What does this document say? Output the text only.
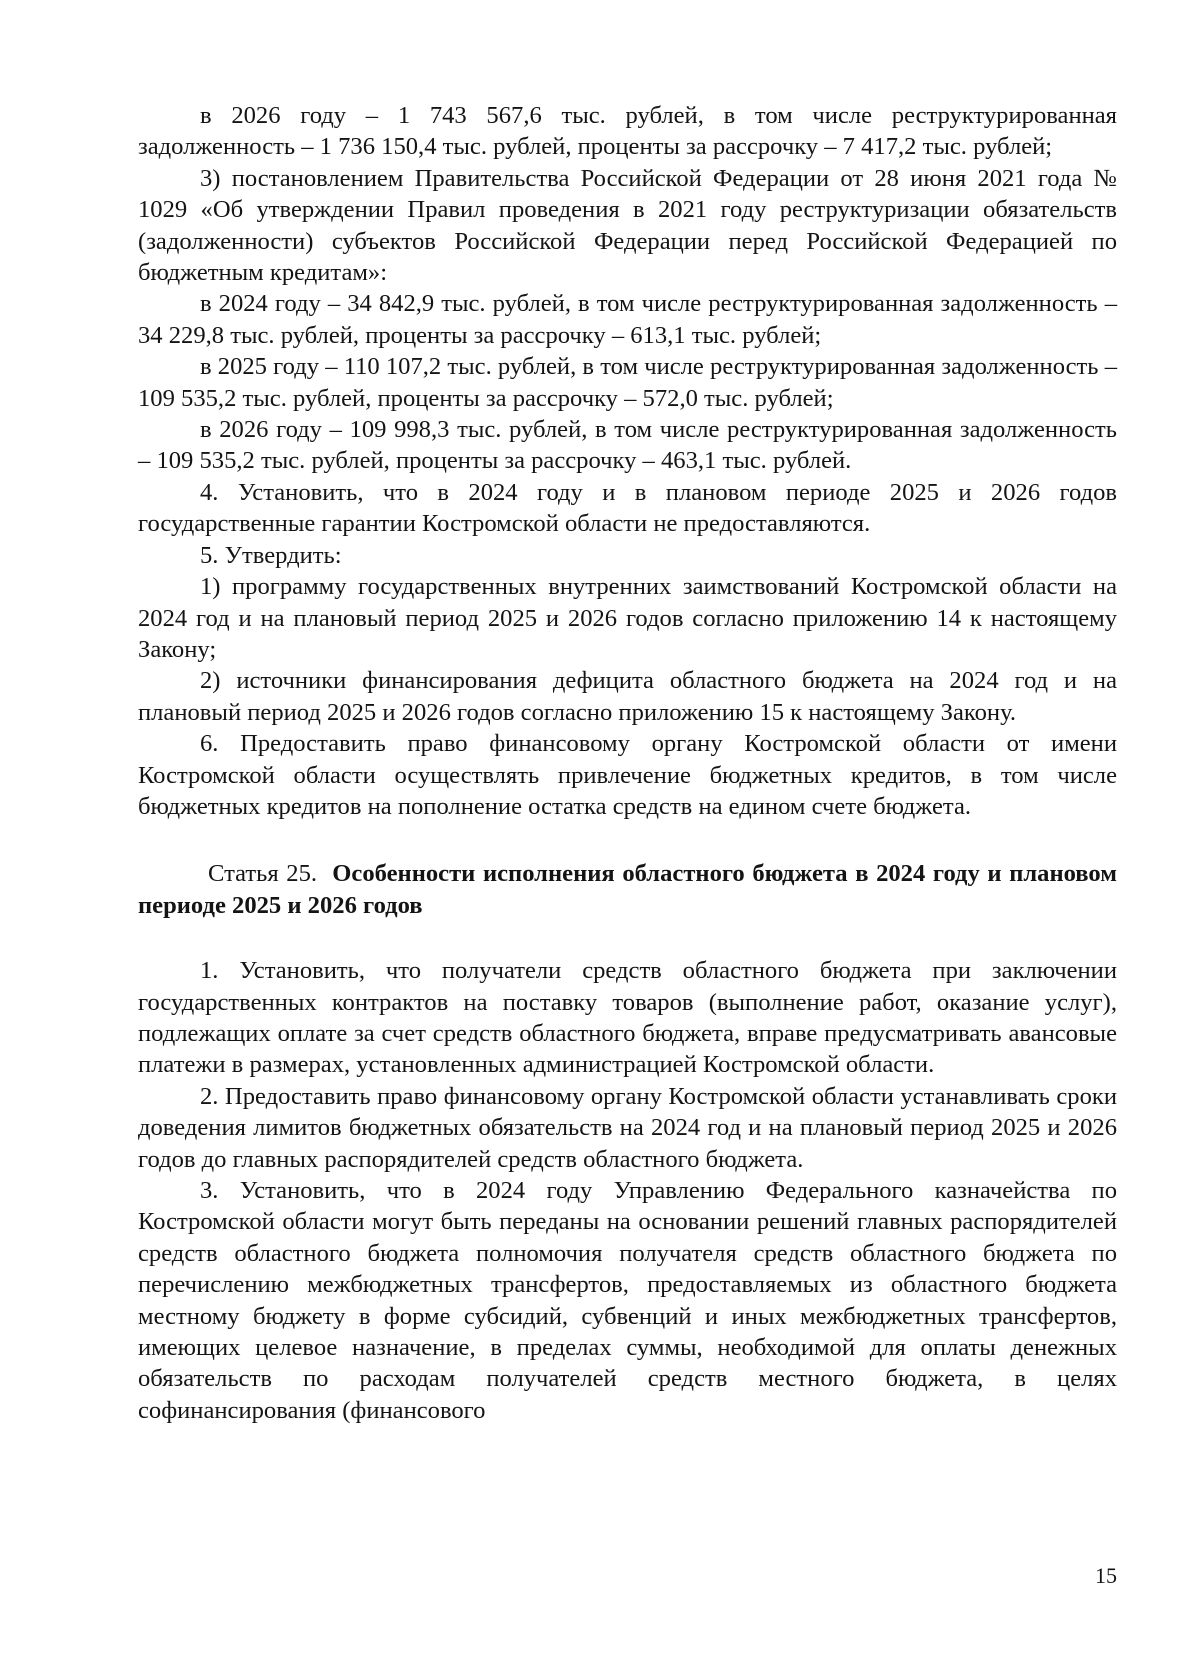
в 2026 году – 1 743 567,6 тыс. рублей, в том числе реструктурированная задолженность – 1 736 150,4 тыс. рублей, проценты за рассрочку – 7 417,2 тыс. рублей;

3) постановлением Правительства Российской Федерации от 28 июня 2021 года № 1029 «Об утверждении Правил проведения в 2021 году реструктуризации обязательств (задолженности) субъектов Российской Федерации перед Российской Федерацией по бюджетным кредитам»:

в 2024 году – 34 842,9 тыс. рублей, в том числе реструктурированная задолженность – 34 229,8 тыс. рублей, проценты за рассрочку – 613,1 тыс. рублей;

в 2025 году – 110 107,2 тыс. рублей, в том числе реструктурированная задолженность – 109 535,2 тыс. рублей, проценты за рассрочку – 572,0 тыс. рублей;

в 2026 году – 109 998,3 тыс. рублей, в том числе реструктурированная задолженность – 109 535,2 тыс. рублей, проценты за рассрочку – 463,1 тыс. рублей.

4. Установить, что в 2024 году и в плановом периоде 2025 и 2026 годов государственные гарантии Костромской области не предоставляются.

5. Утвердить:

1) программу государственных внутренних заимствований Костромской области на 2024 год и на плановый период 2025 и 2026 годов согласно приложению 14 к настоящему Закону;

2) источники финансирования дефицита областного бюджета на 2024 год и на плановый период 2025 и 2026 годов согласно приложению 15 к настоящему Закону.

6. Предоставить право финансовому органу Костромской области от имени Костромской области осуществлять привлечение бюджетных кредитов, в том числе бюджетных кредитов на пополнение остатка средств на едином счете бюджета.

Статья 25. Особенности исполнения областного бюджета в 2024 году и плановом периоде 2025 и 2026 годов

1. Установить, что получатели средств областного бюджета при заключении государственных контрактов на поставку товаров (выполнение работ, оказание услуг), подлежащих оплате за счет средств областного бюджета, вправе предусматривать авансовые платежи в размерах, установленных администрацией Костромской области.

2. Предоставить право финансовому органу Костромской области устанавливать сроки доведения лимитов бюджетных обязательств на 2024 год и на плановый период 2025 и 2026 годов до главных распорядителей средств областного бюджета.

3. Установить, что в 2024 году Управлению Федерального казначейства по Костромской области могут быть переданы на основании решений главных распорядителей средств областного бюджета полномочия получателя средств областного бюджета по перечислению межбюджетных трансфертов, предоставляемых из областного бюджета местному бюджету в форме субсидий, субвенций и иных межбюджетных трансфертов, имеющих целевое назначение, в пределах суммы, необходимой для оплаты денежных обязательств по расходам получателей средств местного бюджета, в целях софинансирования (финансового

15
